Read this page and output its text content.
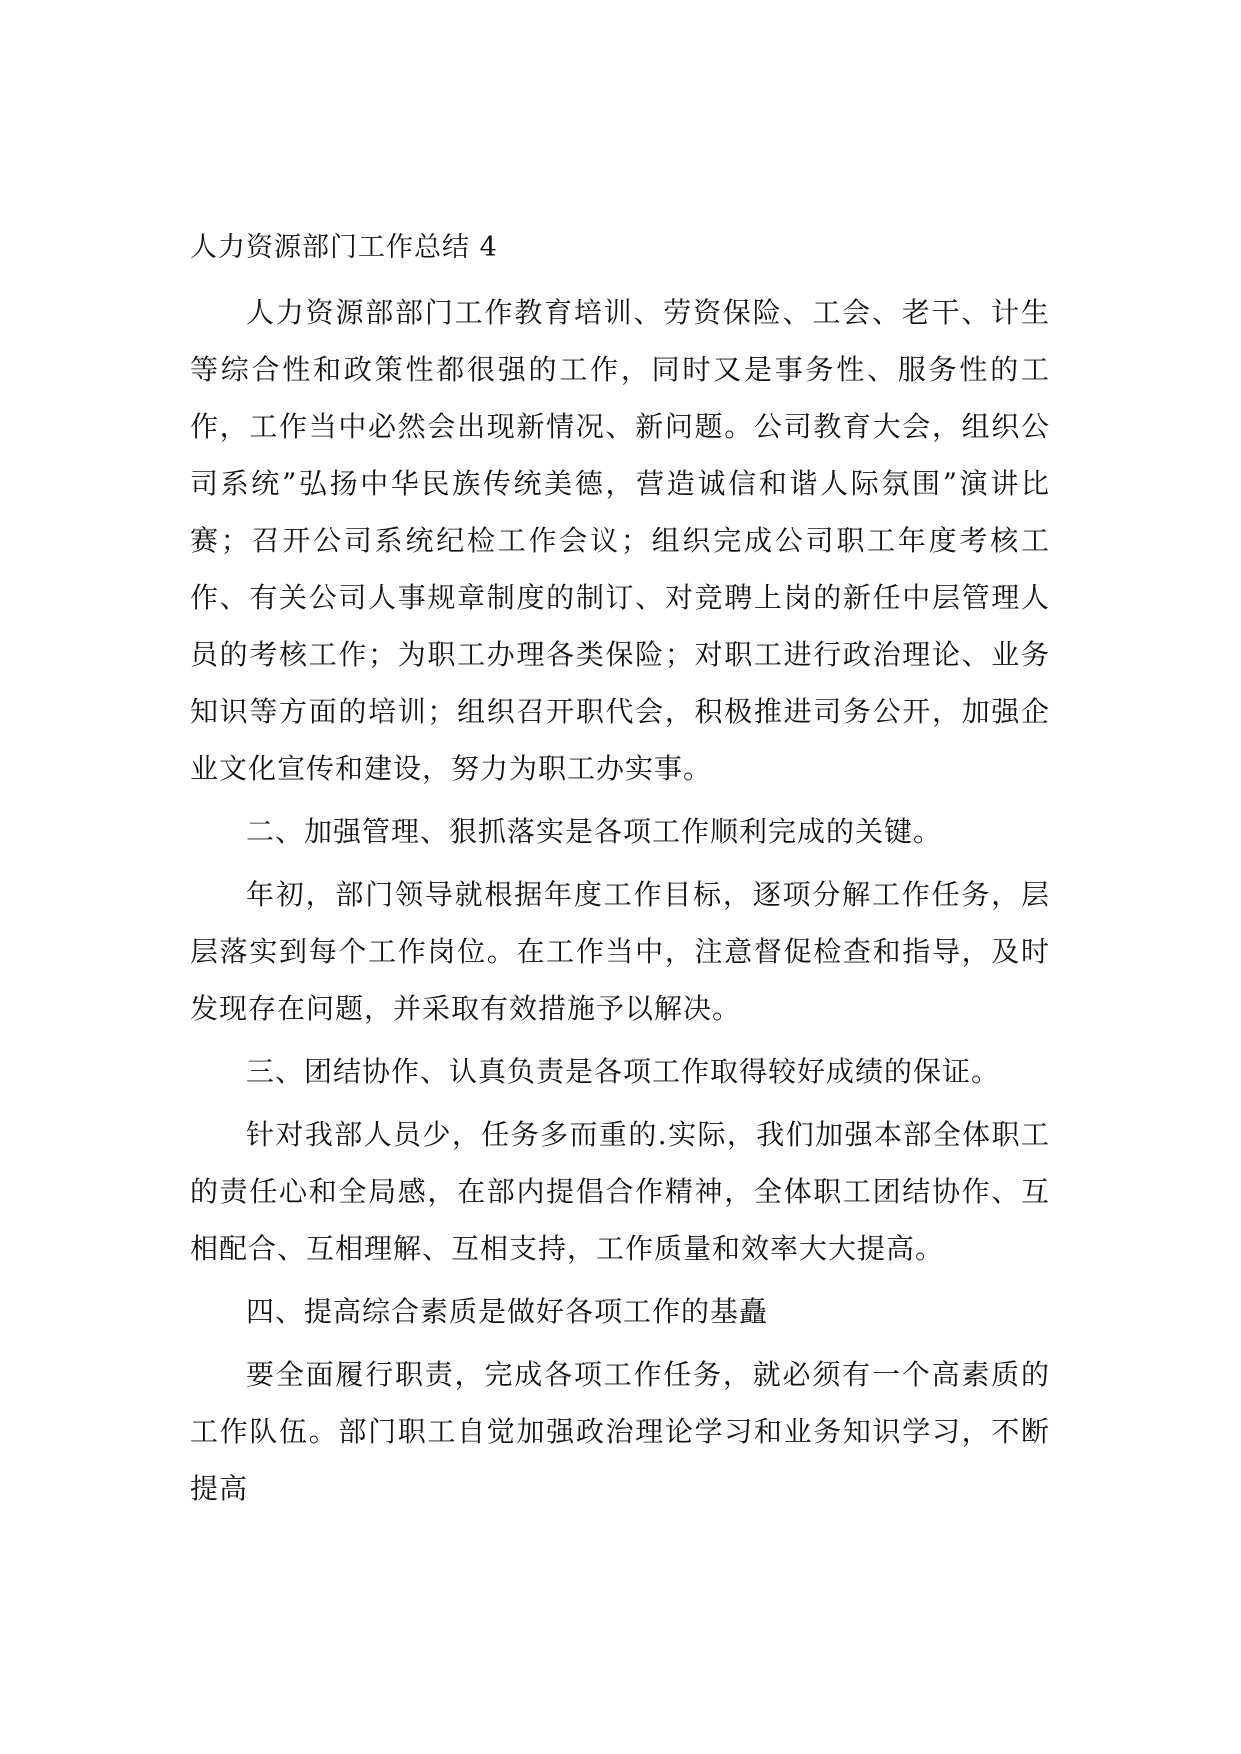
人力资源部门工作总结 4

人力资源部部门工作教育培训、劳资保险、工会、老干、计生等综合性和政策性都很强的工作，同时又是事务性、服务性的工作，工作当中必然会出现新情况、新问题。公司教育大会，组织公司系统”弘扬中华民族传统美德，营造诚信和谐人际氛围”演讲比赛；召开公司系统纪检工作会议；组织完成公司职工年度考核工作、有关公司人事规章制度的制订、对竞聘上岗的新任中层管理人员的考核工作；为职工办理各类保险；对职工进行政治理论、业务知识等方面的培训；组织召开职代会，积极推进司务公开，加强企业文化宣传和建设，努力为职工办实事。

二、加强管理、狠抓落实是各项工作顺利完成的关键。

年初，部门领导就根据年度工作目标，逐项分解工作任务，层层落实到每个工作岗位。在工作当中，注意督促检查和指导，及时发现存在问题，并采取有效措施予以解决。

三、团结协作、认真负责是各项工作取得较好成绩的保证。

针对我部人员少，任务多而重的.实际，我们加强本部全体职工的责任心和全局感，在部内提倡合作精神，全体职工团结协作、互相配合、互相理解、互相支持，工作质量和效率大大提高。

四、提高综合素质是做好各项工作的基矗

要全面履行职责，完成各项工作任务，就必须有一个高素质的工作队伍。部门职工自觉加强政治理论学习和业务知识学习，不断提高
